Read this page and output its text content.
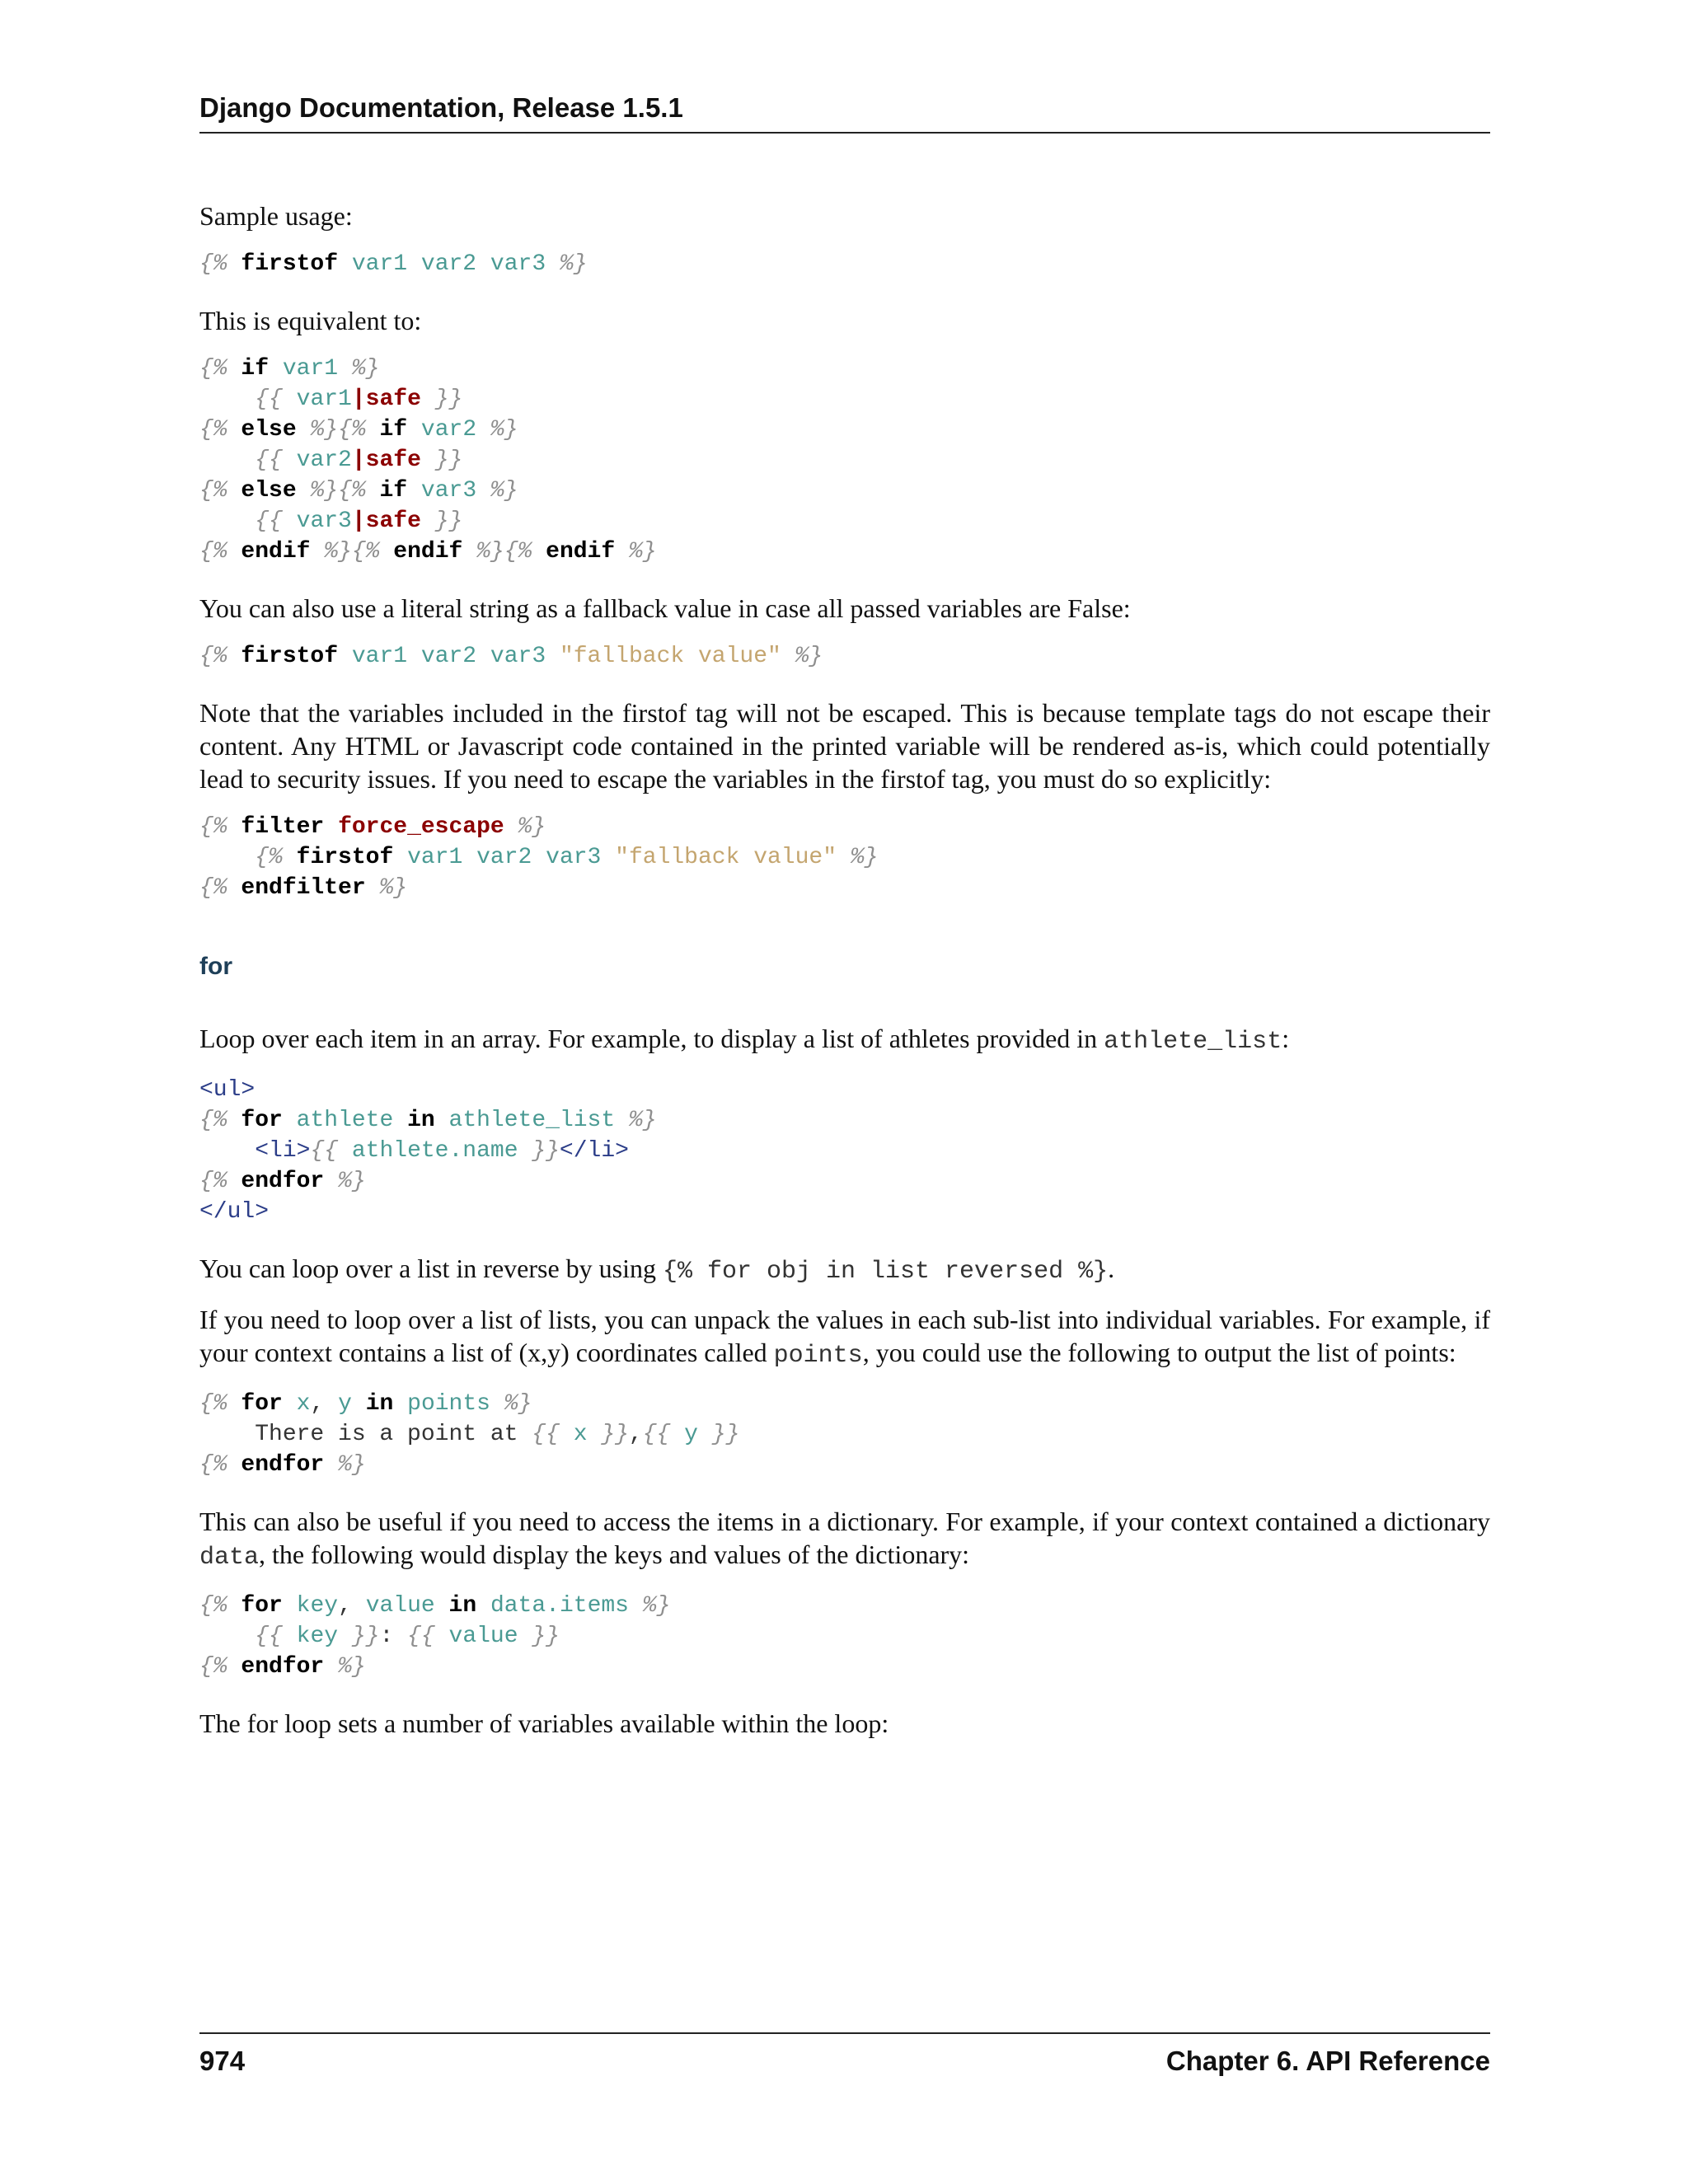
Django Documentation, Release 1.5.1

Sample usage:

{% firstof var1 var2 var3 %}

This is equivalent to:

{% if var1 %}
{{ var1|safe }}
{% else %}{% if var2 %}
{{ var2|safe }}
{% else %}{% if var3 %}
{{ var3|safe }}
{% endif %}{% endif %}{% endif %}

You can also use a literal string as a fallback value in case all passed variables are False:

{% firstof var1 var2 var3 "fallback value" %}

Note that the variables included in the firstof tag will not be escaped. This is because template tags do not escape their content. Any HTML or Javascript code contained in the printed variable will be rendered as-is, which could potentially lead to security issues. If you need to escape the variables in the firstof tag, you must do so explicitly:

{% filter force_escape %}
{% firstof var1 var2 var3 "fallback value" %}
{% endfilter %}
for

Loop over each item in an array. For example, to display a list of athletes provided in athlete_list:

<ul>
{% for athlete in athlete_list %}
<li>{{ athlete.name }}</li>
{% endfor %}
</ul>

You can loop over a list in reverse by using {% for obj in list reversed %}.

If you need to loop over a list of lists, you can unpack the values in each sub-list into individual variables. For example, if your context contains a list of (x,y) coordinates called points, you could use the following to output the list of points:

{% for x, y in points %}
There is a point at {{ x }},{{ y }}
{% endfor %}

This can also be useful if you need to access the items in a dictionary. For example, if your context contained a dictionary data, the following would display the keys and values of the dictionary:

{% for key, value in data.items %}
{{ key }}: {{ value }}
{% endfor %}

The for loop sets a number of variables available within the loop:

974	Chapter 6. API Reference
